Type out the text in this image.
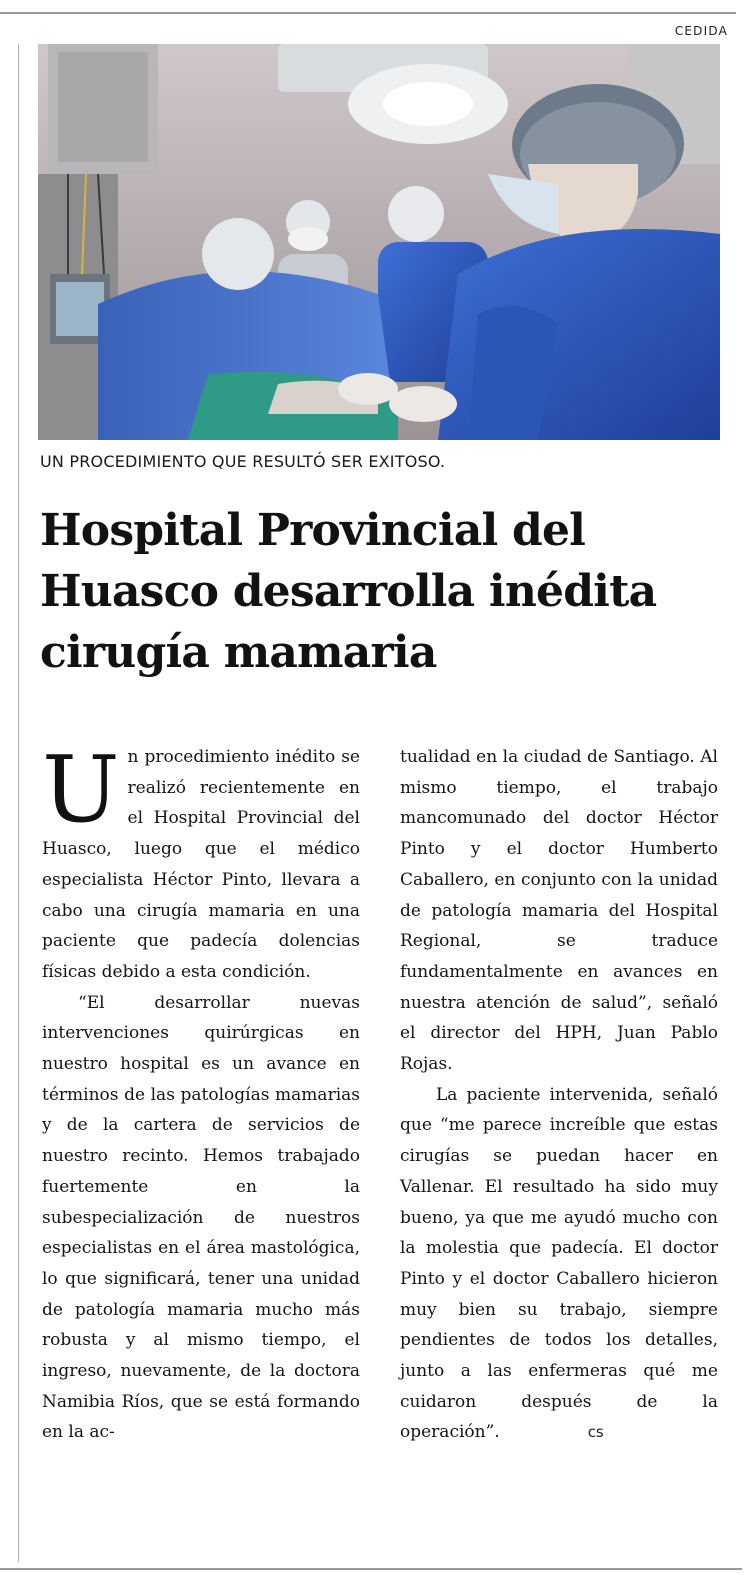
CEDIDA
UN PROCEDIMIENTO QUE RESULTÓ SER EXITOSO.
Hospital Provincial del Huasco desarrolla inédita cirugía mamaria

Un procedimiento inédito se realizó recientemente en el Hospital Provincial del Huasco, luego que el médico especialista Héctor Pinto, llevara a cabo una cirugía mamaria en una paciente que padecía dolencias físicas debido a esta condición.

“El desarrollar nuevas intervenciones quirúrgicas en nuestro hospital es un avance en términos de las patologías mamarias y de la cartera de servicios de nuestro recinto. Hemos trabajado fuertemente en la subespecialización de nuestros especialistas en el área mastológica, lo que significará, tener una unidad de patología mamaria mucho más robusta y al mismo tiempo, el ingreso, nuevamente, de la doctora Namibia Ríos, que se está formando en la ac-

tualidad en la ciudad de Santiago. Al mismo tiempo, el trabajo mancomunado del doctor Héctor Pinto y el doctor Humberto Caballero, en conjunto con la unidad de patología mamaria del Hospital Regional, se traduce fundamentalmente en avances en nuestra atención de salud”, señaló el director del HPH, Juan Pablo Rojas.

La paciente intervenida, señaló que “me parece increíble que estas cirugías se puedan hacer en Vallenar. El resultado ha sido muy bueno, ya que me ayudó mucho con la molestia que padecía. El doctor Pinto y el doctor Caballero hicieron muy bien su trabajo, siempre pendientes de todos los detalles, junto a las enfermeras qué me cuidaron después de la operación”.	cs
